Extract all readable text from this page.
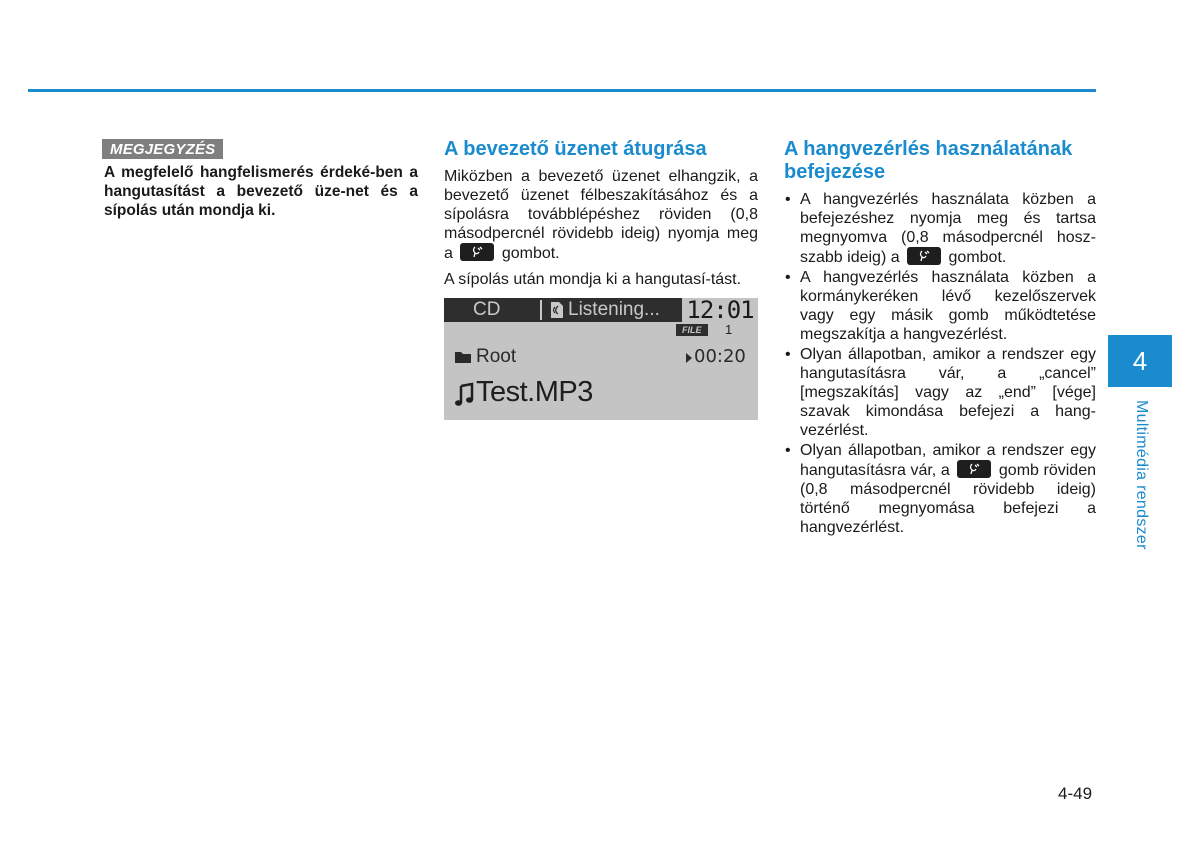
MEGJEGYZÉS

A megfelelő hangfelismerés érdeké-ben a hangutasítást a bevezető üze-net és a sípolás után mondja ki.

A bevezető üzenet átugrása

Miközben a bevezető üzenet elhangzik, a bevezető üzenet félbeszakításához és a sípolásra továbblépéshez röviden (0,8 másodpercnél rövidebb ideig) nyomja meg a	gombot.

A sípolás után mondja ki a hangutasí-tást.

CD	Listening... 12:01
FILE	1
Root	00:20
Test.MP3
A hangvezérlés használatának befejezése
• A hangvezérlés használata közben a befejezéshez nyomja meg és tartsa megnyomva (0,8 másodpercnél hosz-szabb ideig) a	gombot.
• A hangvezérlés használata közben a kormánykeréken lévő kezelőszervek vagy egy másik gomb működtetése megszakítja a hangvezérlést.
• Olyan állapotban, amikor a rendszer egy hangutasításra vár, a „cancel” [megszakítás] vagy az „end” [vége] szavak kimondása befejezi a hang-vezérlést.
• Olyan állapotban, amikor a rendszer egy hangutasításra vár, a	gomb röviden (0,8 másodpercnél rövidebb ideig) történő megnyomása befejezi a hangvezérlést.
4
Multimédia rendszer
4-49
